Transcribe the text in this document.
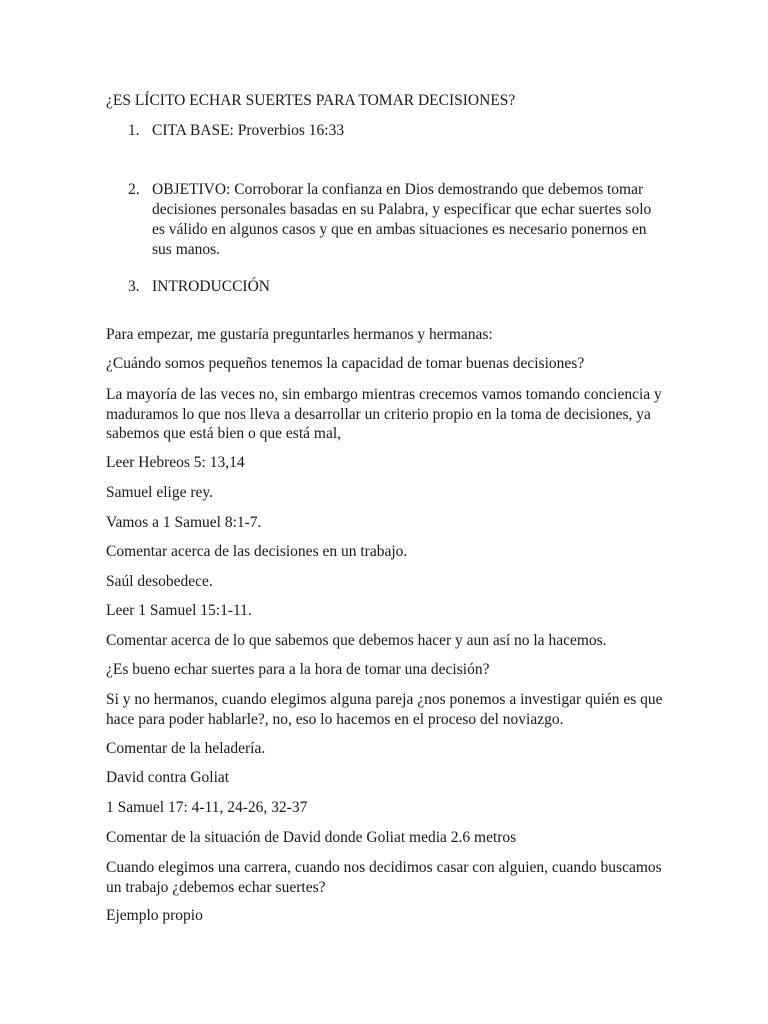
¿ES LÍCITO ECHAR SUERTES PARA TOMAR DECISIONES?
1. CITA BASE: Proverbios 16:33
2. OBJETIVO: Corroborar la confianza en Dios demostrando que debemos tomar decisiones personales basadas en su Palabra, y especificar que echar suertes solo es válido en algunos casos y que en ambas situaciones es necesario ponernos en sus manos.
3. INTRODUCCIÓN

Para empezar, me gustaría preguntarles hermanos y hermanas:

¿Cuándo somos pequeños tenemos la capacidad de tomar buenas decisiones?

La mayoría de las veces no, sin embargo mientras crecemos vamos tomando conciencia y maduramos lo que nos lleva a desarrollar un criterio propio en la toma de decisiones, ya sabemos que está bien o que está mal,

Leer Hebreos 5: 13,14

Samuel elige rey.

Vamos a 1 Samuel 8:1-7.

Comentar acerca de las decisiones en un trabajo.

Saúl desobedece.

Leer 1 Samuel 15:1-11.

Comentar acerca de lo que sabemos que debemos hacer y aun así no la hacemos.

¿Es bueno echar suertes para a la hora de tomar una decisión?

Si y no hermanos, cuando elegimos alguna pareja ¿nos ponemos a investigar quién es que hace para poder hablarle?, no, eso lo hacemos en el proceso del noviazgo.

Comentar de la heladería.

David contra Goliat

1 Samuel 17: 4-11, 24-26, 32-37

Comentar de la situación de David donde Goliat media 2.6 metros

Cuando elegimos una carrera, cuando nos decidimos casar con alguien, cuando buscamos un trabajo ¿debemos echar suertes?

Ejemplo propio
